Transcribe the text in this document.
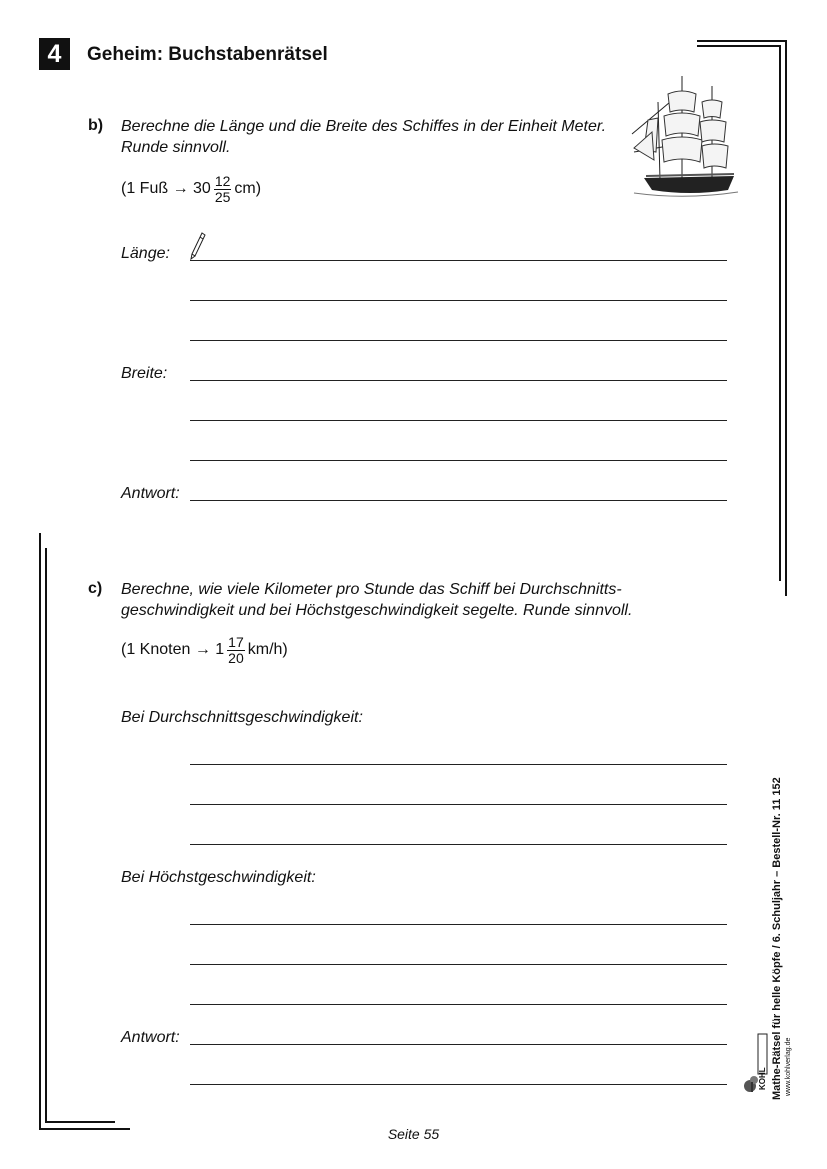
4	Geheim: Buchstabenrätsel
b) Berechne die Länge und die Breite des Schiffes in der Einheit Meter.
Runde sinnvoll.
(1 Fuß → $30 \frac{12}{25} cm$)
Länge:
Breite:
Antwort:
c) Berechne, wie viele Kilometer pro Stunde das Schiff bei Durchschnitts-
geschwindigkeit und bei Höchstgeschwindigkeit segelte. Runde sinnvoll.
(1 Knoten → $1 \frac{17}{20} km/h$)
Bei Durchschnittsgeschwindigkeit:
Bei Höchstgeschwindigkeit:
Antwort:	Mathe-Rätsel für helle Köpfe / 6. Schuljahr – Bestell-Nr. 11 152
KOHL	www.kohlverlag.de
Seite 55
